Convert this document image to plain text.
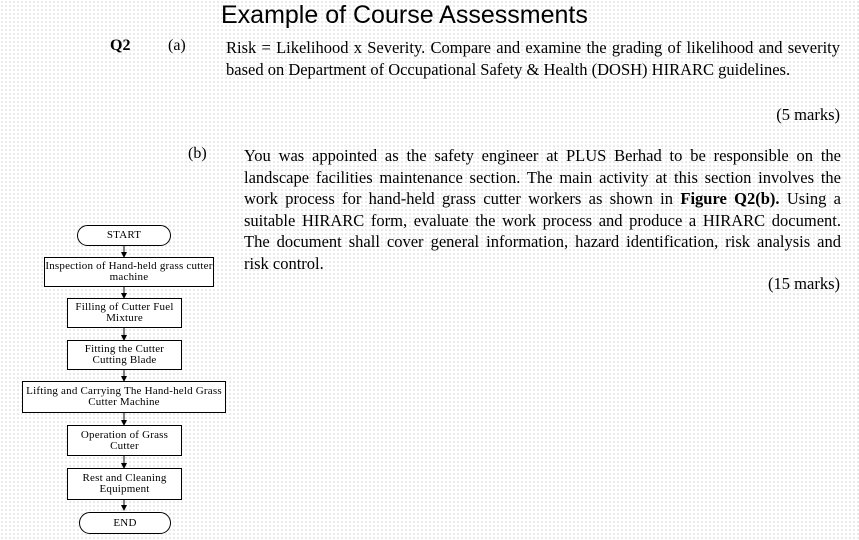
Example of Course Assessments
Q2 (a) Risk = Likelihood x Severity. Compare and examine the grading of likelihood and severity based on Department of Occupational Safety & Health (DOSH) HIRARC guidelines.
(5 marks)
(b) You was appointed as the safety engineer at PLUS Berhad to be responsible on the landscape facilities maintenance section. The main activity at this section involves the work process for hand-held grass cutter workers as shown in Figure Q2(b). Using a suitable HIRARC form, evaluate the work process and produce a HIRARC document. The document shall cover general information, hazard identification, risk analysis and risk control.
(15 marks)
START
Inspection of Hand-held grass cutter machine
Filling of Cutter Fuel Mixture
Fitting the Cutter Cutting Blade
Lifting and Carrying The Hand-held Grass Cutter Machine
Operation of Grass Cutter
Rest and Cleaning Equipment
END
